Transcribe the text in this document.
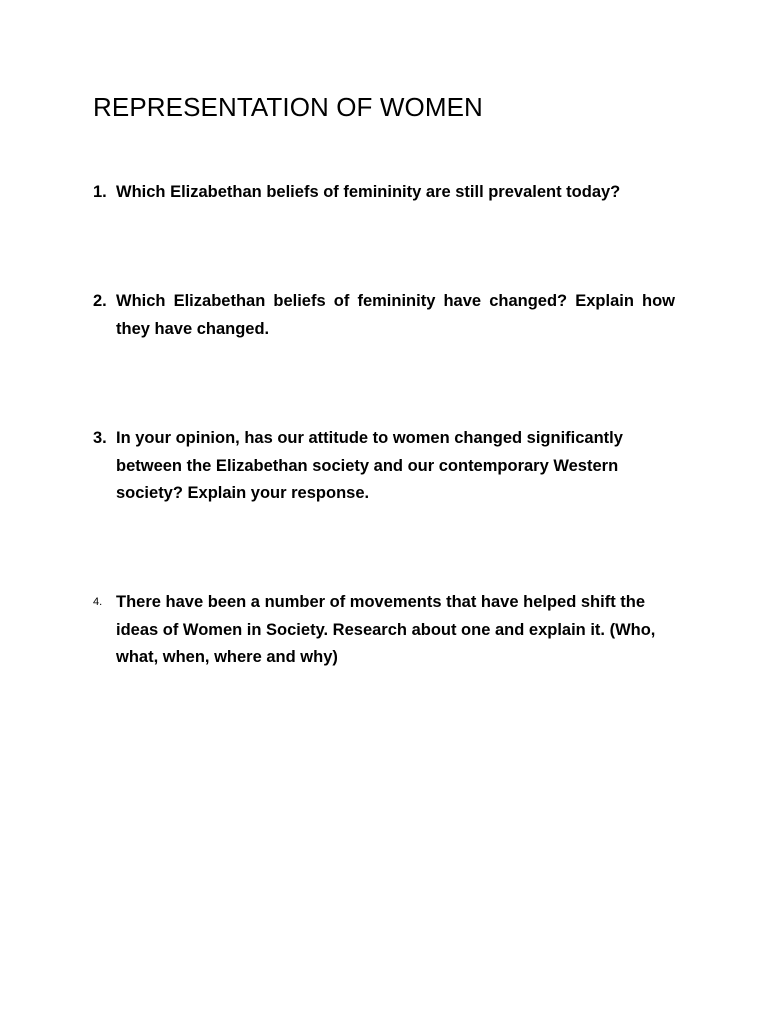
REPRESENTATION OF WOMEN
1. Which Elizabethan beliefs of femininity are still prevalent today?
2. Which Elizabethan beliefs of femininity have changed? Explain how they have changed.
3. In your opinion, has our attitude to women changed significantly between the Elizabethan society and our contemporary Western society? Explain your response.
4. There have been a number of movements that have helped shift the ideas of Women in Society. Research about one and explain it. (Who, what, when, where and why)
